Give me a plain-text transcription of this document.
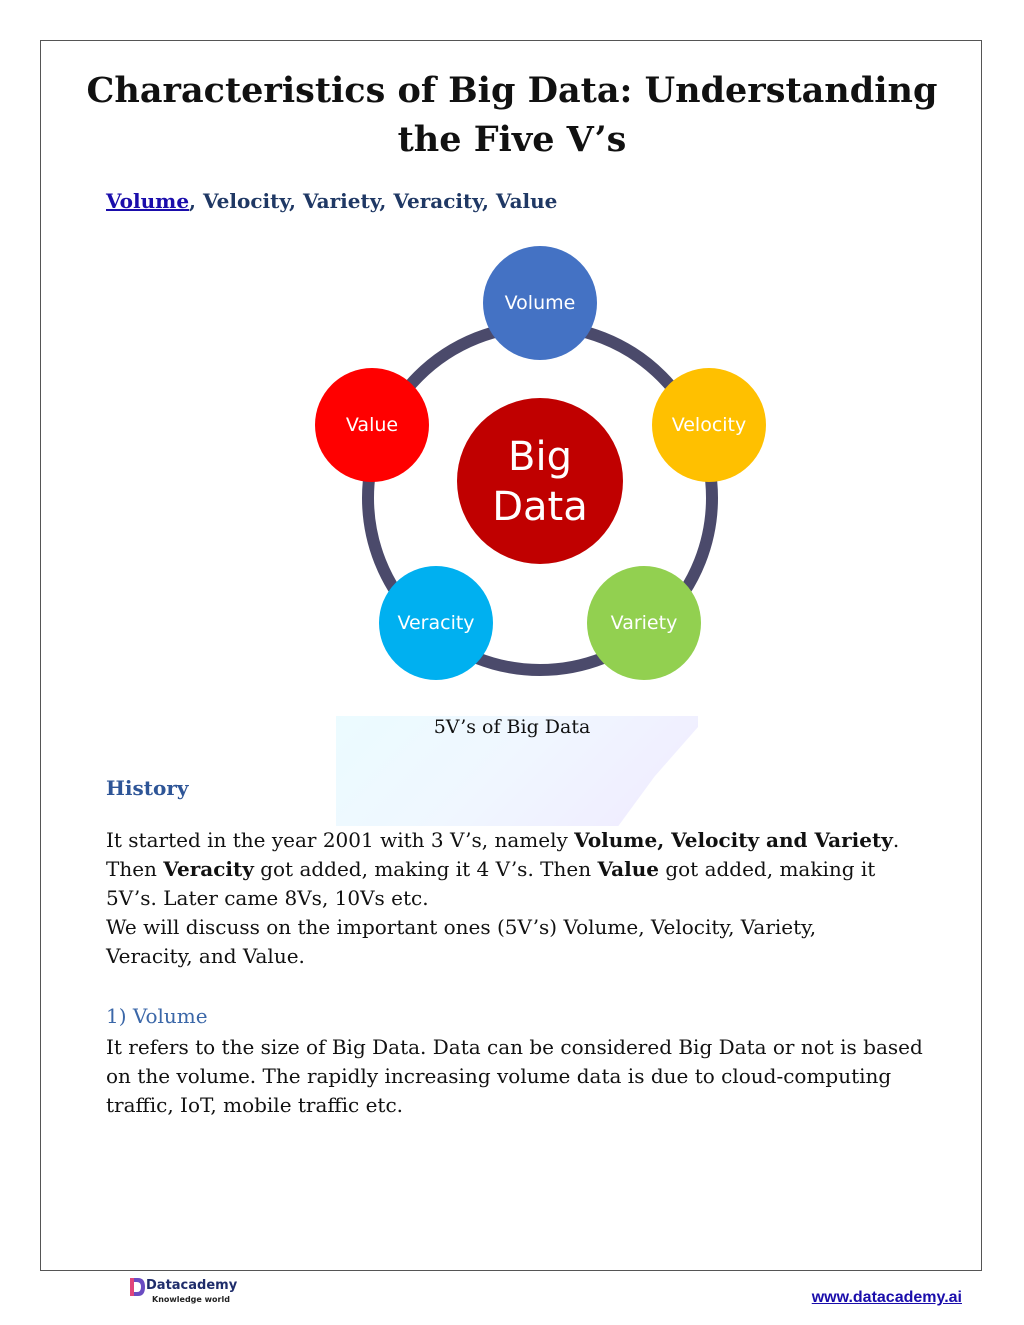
Characteristics of Big Data: Understanding
the Five V’s
Volume, Velocity, Variety, Veracity, Value
Big
Data
Volume
Velocity
Variety
Veracity
Value
5V’s of Big Data
History

It started in the year 2001 with 3 V’s, namely Volume, Velocity and Variety.
Then Veracity got added, making it 4 V’s. Then Value got added, making it
5V’s. Later came 8Vs, 10Vs etc.
We will discuss on the important ones (5V’s) Volume, Velocity, Variety,
Veracity, and Value.

1) Volume

It refers to the size of Big Data. Data can be considered Big Data or not is based
on the volume. The rapidly increasing volume data is due to cloud-computing
traffic, IoT, mobile traffic etc.

Datacademy
Knowledge world	www.datacademy.ai
